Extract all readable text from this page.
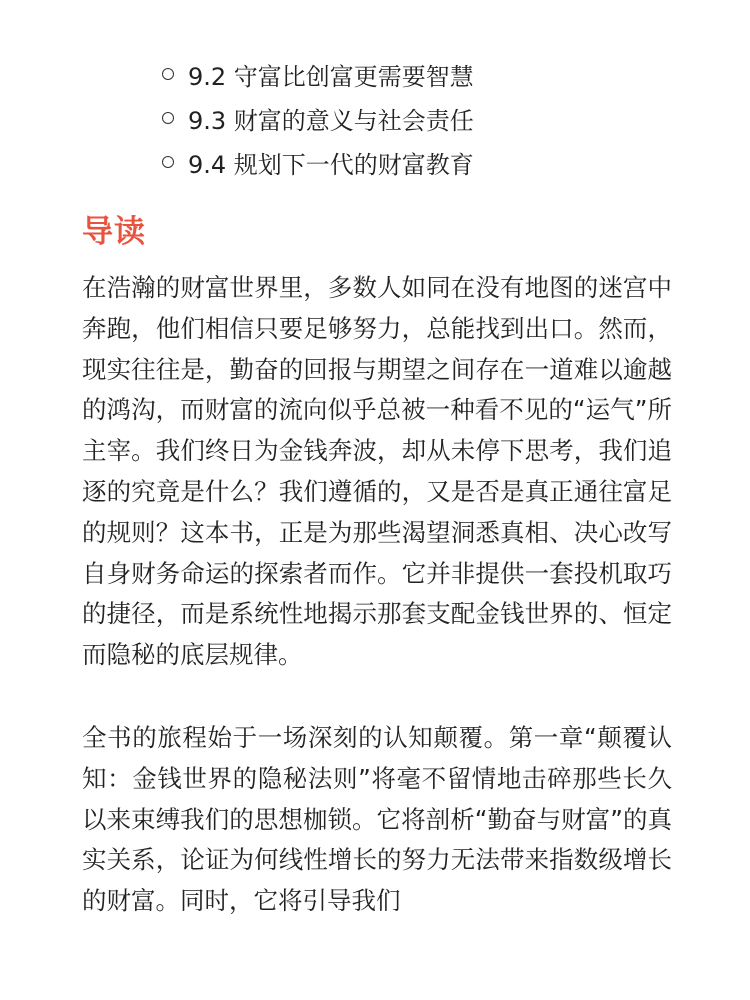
9.2 守富比创富更需要智慧
9.3 财富的意义与社会责任
9.4 规划下一代的财富教育
导读

在浩瀚的财富世界里，多数人如同在没有地图的迷宫中奔跑，他们相信只要足够努力，总能找到出口。然而，现实往往是，勤奋的回报与期望之间存在一道难以逾越的鸿沟，而财富的流向似乎总被一种看不见的“运气”所主宰。我们终日为金钱奔波，却从未停下思考，我们追逐的究竟是什么？我们遵循的，又是否是真正通往富足的规则？这本书，正是为那些渴望洞悉真相、决心改写自身财务命运的探索者而作。它并非提供一套投机取巧的捷径，而是系统性地揭示那套支配金钱世界的、恒定而隐秘的底层规律。

全书的旅程始于一场深刻的认知颠覆。第一章“颠覆认知：金钱世界的隐秘法则”将毫不留情地击碎那些长久以来束缚我们的思想枷锁。它将剖析“勤奋与财富”的真实关系，论证为何线性增长的努力无法带来指数级增长的财富。同时，它将引导我们
